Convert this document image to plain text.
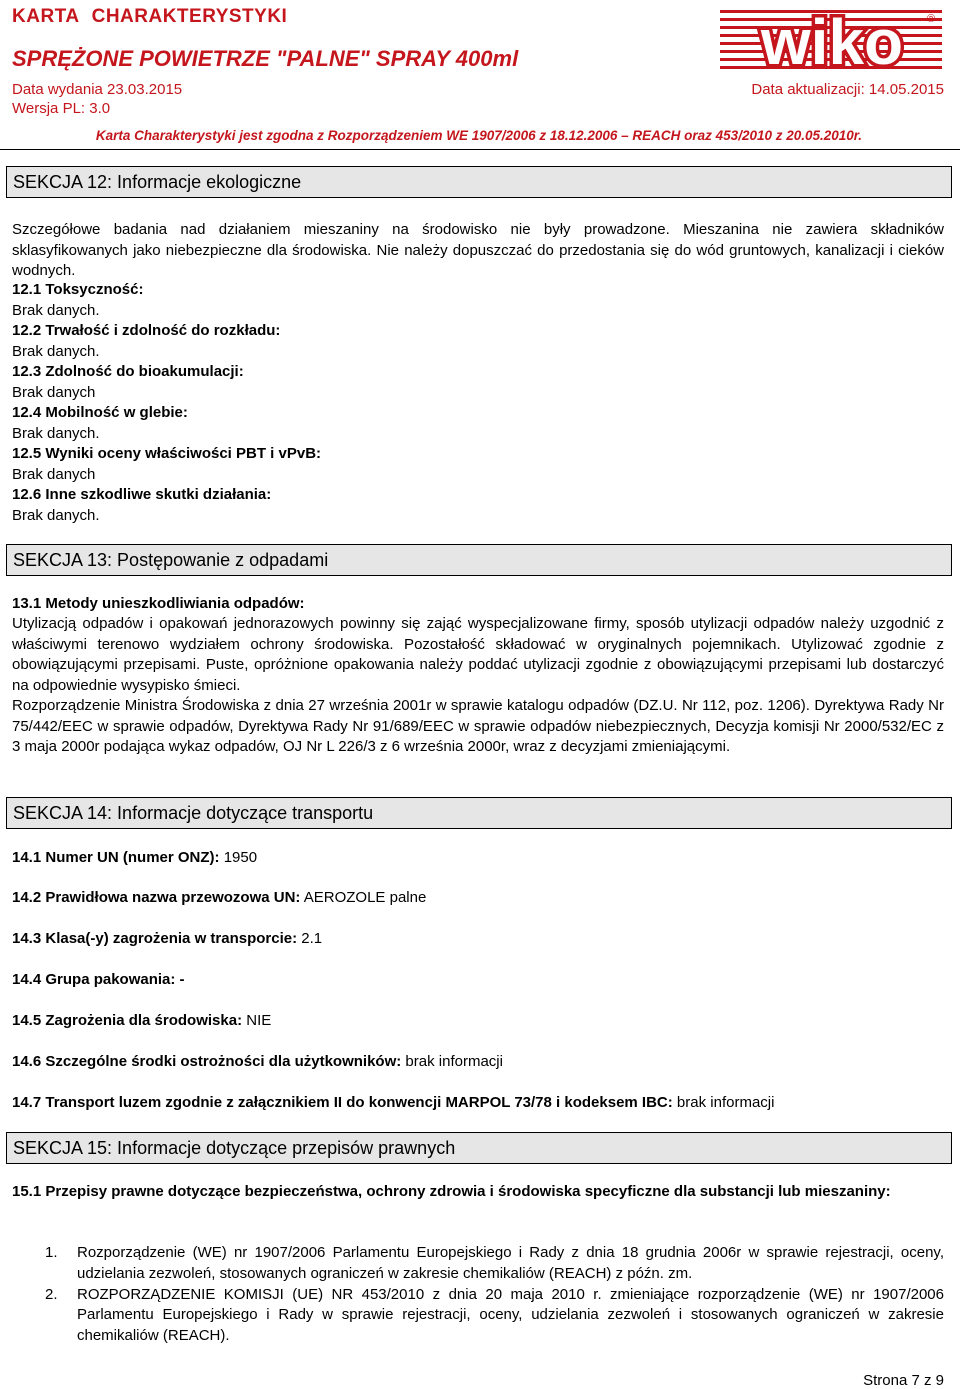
KARTA CHARAKTERYSTYKI
SPRĘŻONE POWIETRZE "PALNE" SPRAY 400ml
Data wydania 23.03.2015	Data aktualizacji: 14.05.2015
Wersja PL: 3.0
wiko ®
Karta Charakterystyki jest zgodna z Rozporządzeniem WE 1907/2006 z 18.12.2006 – REACH oraz 453/2010 z 20.05.2010r.
SEKCJA 12: Informacje ekologiczne
Szczegółowe badania nad działaniem mieszaniny na środowisko nie były prowadzone. Mieszanina nie zawiera składników sklasyfikowanych jako niebezpieczne dla środowiska. Nie należy dopuszczać do przedostania się do wód gruntowych, kanalizacji i cieków wodnych.
12.1 Toksyczność:
Brak danych.
12.2 Trwałość i zdolność do rozkładu:
Brak danych.
12.3 Zdolność do bioakumulacji:
Brak danych
12.4 Mobilność w glebie:
Brak danych.
12.5 Wyniki oceny właściwości PBT i vPvB:
Brak danych
12.6 Inne szkodliwe skutki działania:
Brak danych.
SEKCJA 13: Postępowanie z odpadami
13.1 Metody unieszkodliwiania odpadów:
Utylizacją odpadów i opakowań jednorazowych powinny się zająć wyspecjalizowane firmy, sposób utylizacji odpadów należy uzgodnić z właściwymi terenowo wydziałem ochrony środowiska. Pozostałość składować w oryginalnych pojemnikach. Utylizować zgodnie z obowiązującymi przepisami. Puste, opróżnione opakowania należy poddać utylizacji zgodnie z obowiązującymi przepisami lub dostarczyć na odpowiednie wysypisko śmieci.
Rozporządzenie Ministra Środowiska z dnia 27 września 2001r w sprawie katalogu odpadów (DZ.U. Nr 112, poz. 1206). Dyrektywa Rady Nr 75/442/EEC w sprawie odpadów, Dyrektywa Rady Nr 91/689/EEC w sprawie odpadów niebezpiecznych, Decyzja komisji Nr 2000/532/EC z 3 maja 2000r podająca wykaz odpadów, OJ Nr L 226/3 z 6 września 2000r, wraz z decyzjami zmieniającymi.
SEKCJA 14: Informacje dotyczące transportu
14.1 Numer UN (numer ONZ): 1950
14.2 Prawidłowa nazwa przewozowa UN: AEROZOLE palne
14.3 Klasa(-y) zagrożenia w transporcie: 2.1
14.4 Grupa pakowania: -
14.5 Zagrożenia dla środowiska: NIE
14.6 Szczególne środki ostrożności dla użytkowników: brak informacji
14.7 Transport luzem zgodnie z załącznikiem II do konwencji MARPOL 73/78 i kodeksem IBC: brak informacji
SEKCJA 15: Informacje dotyczące przepisów prawnych
15.1 Przepisy prawne dotyczące bezpieczeństwa, ochrony zdrowia i środowiska specyficzne dla substancji lub mieszaniny:
1. Rozporządzenie (WE) nr 1907/2006 Parlamentu Europejskiego i Rady z dnia 18 grudnia 2006r w sprawie rejestracji, oceny, udzielania zezwoleń, stosowanych ograniczeń w zakresie chemikaliów (REACH) z późn. zm.
2. ROZPORZĄDZENIE KOMISJI (UE) NR 453/2010 z dnia 20 maja 2010 r. zmieniające rozporządzenie (WE) nr 1907/2006 Parlamentu Europejskiego i Rady w sprawie rejestracji, oceny, udzielania zezwoleń i stosowanych ograniczeń w zakresie chemikaliów (REACH).
Strona 7 z 9
